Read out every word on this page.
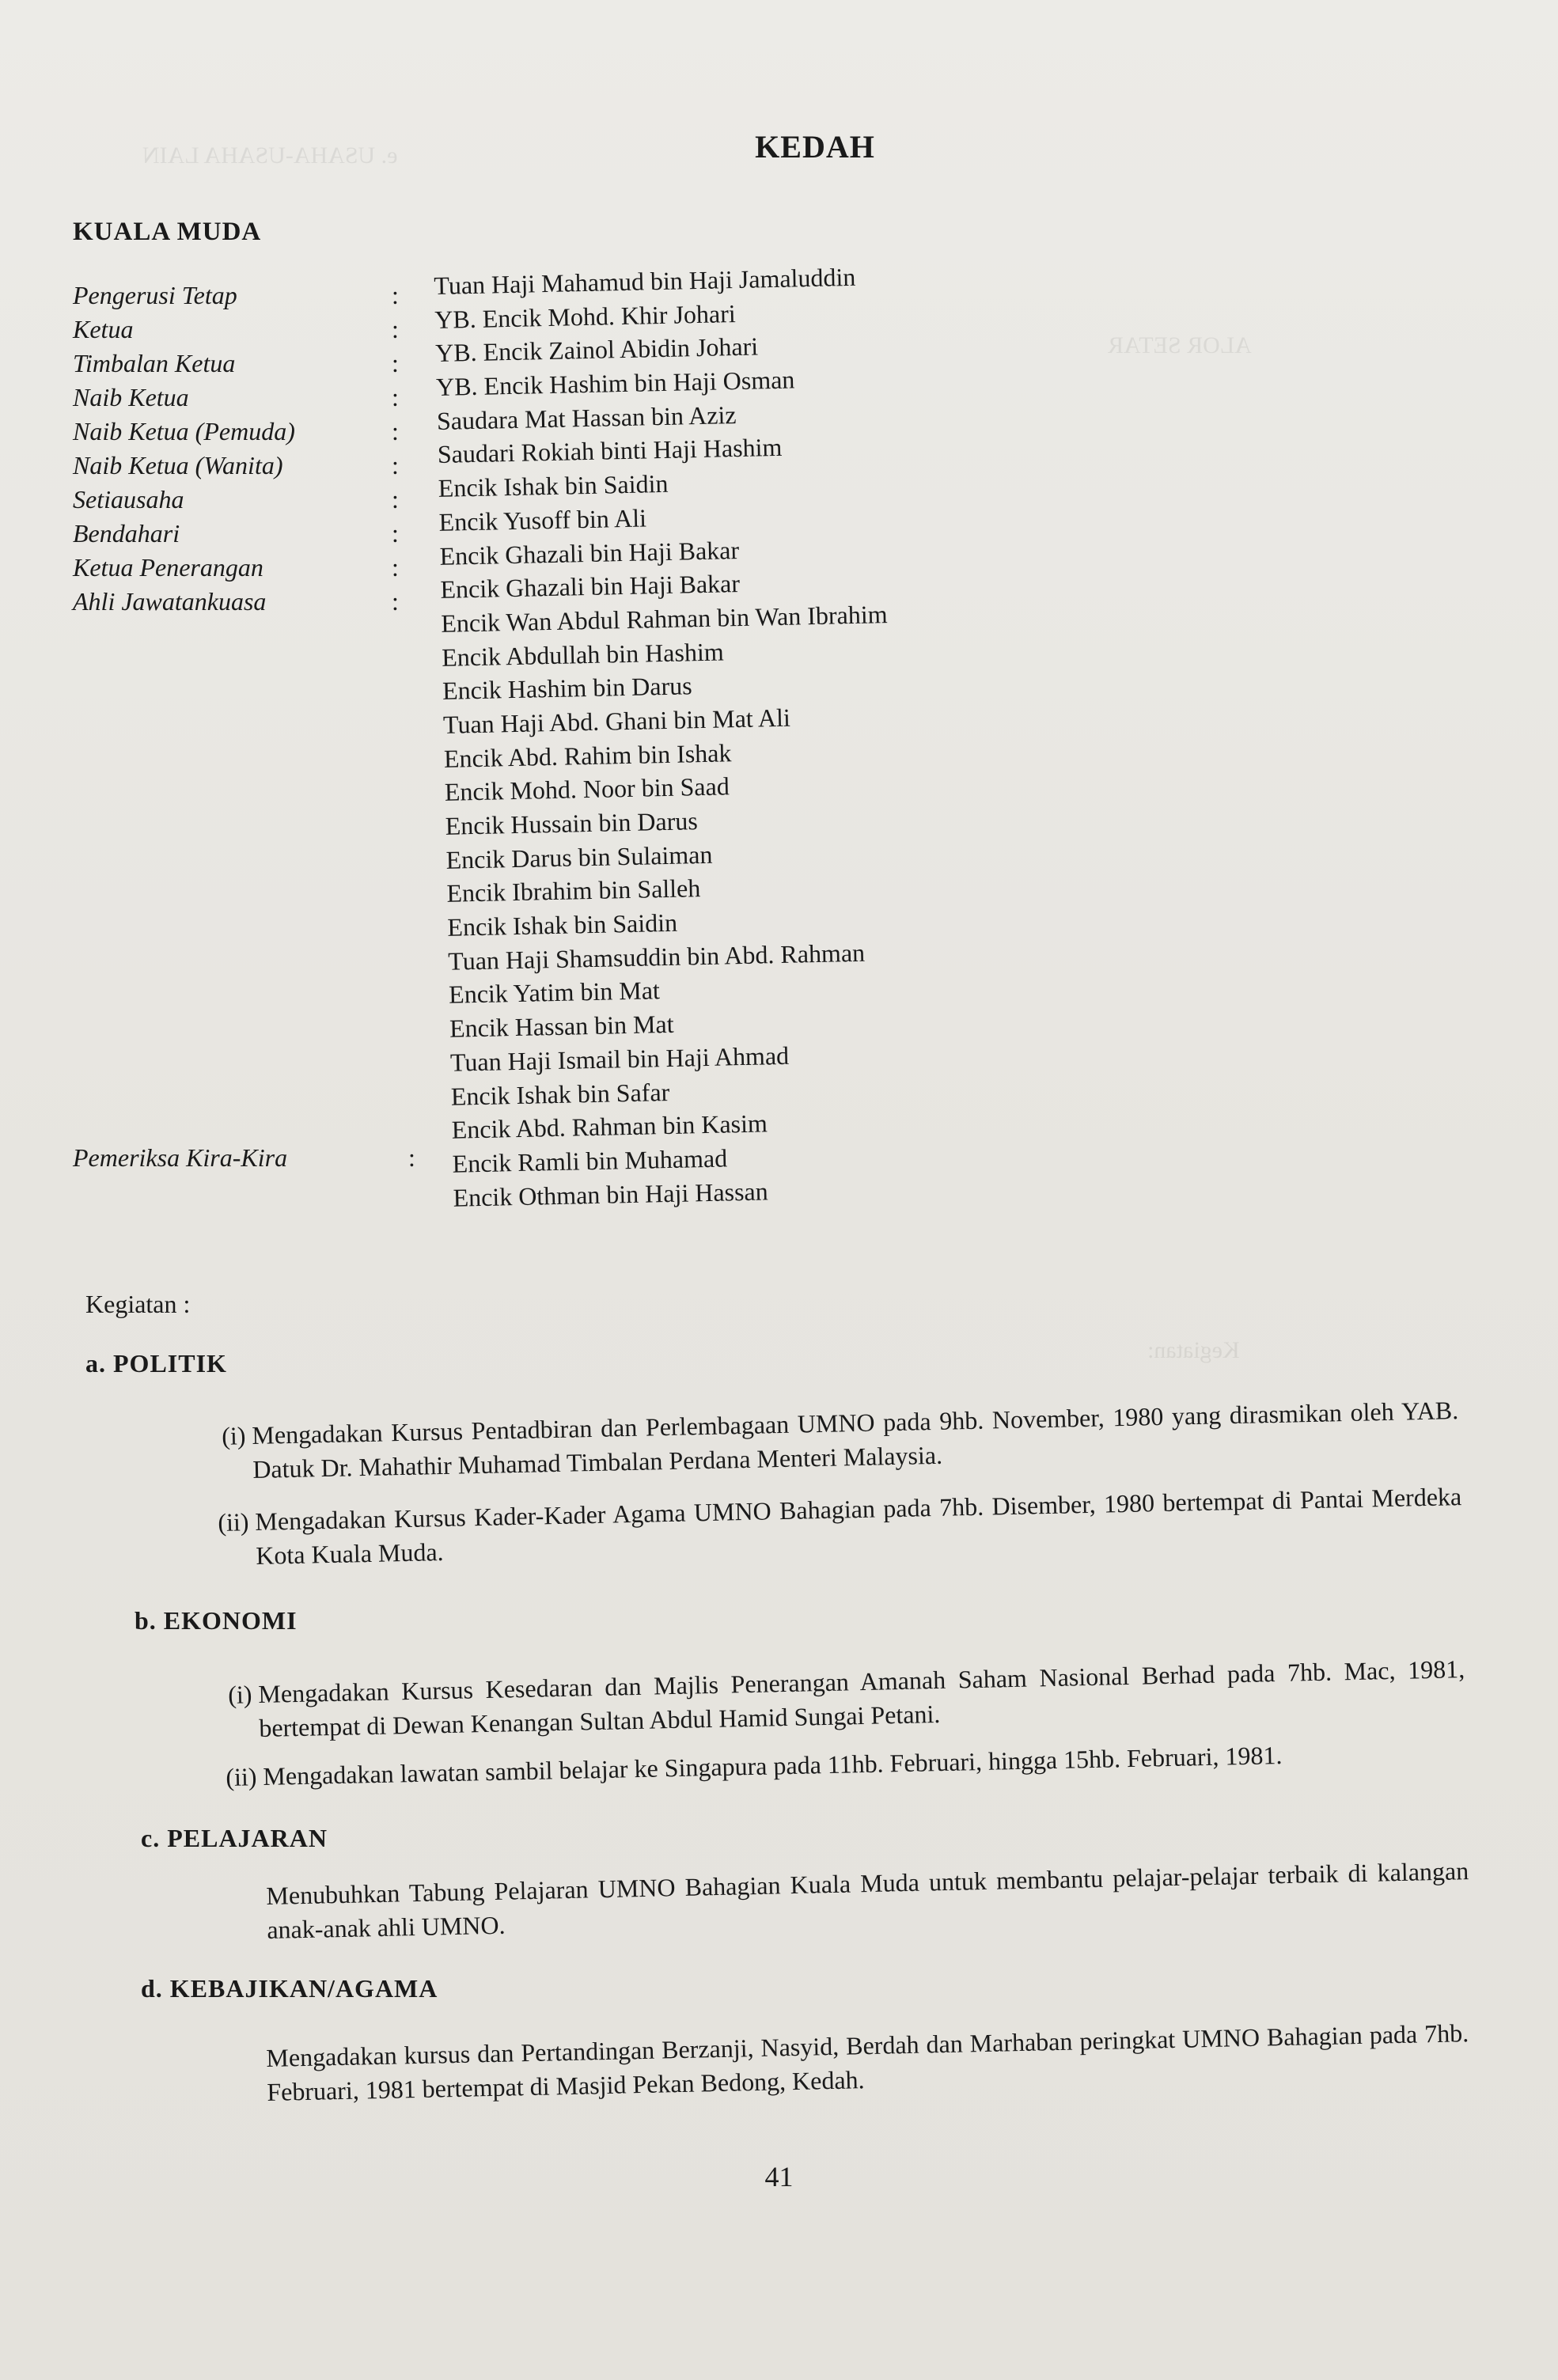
e. USAHA-USAHA LAIN
ALOR SETAR
Kegiatan:
KEDAH
KUALA MUDA
Pengerusi Tetap
Ketua
Timbalan Ketua
Naib Ketua
Naib Ketua (Pemuda)
Naib Ketua (Wanita)
Setiausaha
Bendahari
Ketua Penerangan
Ahli Jawatankuasa
Pemeriksa Kira-Kira
:
:
:
:
:
:
:
:
:
:
:
Tuan Haji Mahamud bin Haji Jamaluddin
YB. Encik Mohd. Khir Johari
YB. Encik Zainol Abidin Johari
YB. Encik Hashim bin Haji Osman
Saudara Mat Hassan bin Aziz
Saudari Rokiah binti Haji Hashim
Encik Ishak bin Saidin
Encik Yusoff bin Ali
Encik Ghazali bin Haji Bakar
Encik Ghazali bin Haji Bakar
Encik Wan Abdul Rahman bin Wan Ibrahim
Encik Abdullah bin Hashim
Encik Hashim bin Darus
Tuan Haji Abd. Ghani bin Mat Ali
Encik Abd. Rahim bin Ishak
Encik Mohd. Noor bin Saad
Encik Hussain bin Darus
Encik Darus bin Sulaiman
Encik Ibrahim bin Salleh
Encik Ishak bin Saidin
Tuan Haji Shamsuddin bin Abd. Rahman
Encik Yatim bin Mat
Encik Hassan bin Mat
Tuan Haji Ismail bin Haji Ahmad
Encik Ishak bin Safar
Encik Abd. Rahman bin Kasim
Encik Ramli bin Muhamad
Encik Othman bin Haji Hassan
Kegiatan :
a. POLITIK
(i) Mengadakan Kursus Pentadbiran dan Perlembagaan UMNO pada 9hb. November, 1980 yang dirasmikan oleh YAB. Datuk Dr. Mahathir Muhamad Timbalan Perdana Menteri Malaysia.
(ii) Mengadakan Kursus Kader-Kader Agama UMNO Bahagian pada 7hb. Disember, 1980 bertempat di Pantai Merdeka Kota Kuala Muda.
b. EKONOMI
(i) Mengadakan Kursus Kesedaran dan Majlis Penerangan Amanah Saham Nasional Berhad pada 7hb. Mac, 1981, bertempat di Dewan Kenangan Sultan Abdul Hamid Sungai Petani.
(ii) Mengadakan lawatan sambil belajar ke Singapura pada 11hb. Februari, hingga 15hb. Februari, 1981.
c. PELAJARAN
Menubuhkan Tabung Pelajaran UMNO Bahagian Kuala Muda untuk membantu pelajar-pelajar terbaik di kalangan anak-anak ahli UMNO.
d. KEBAJIKAN/AGAMA
Mengadakan kursus dan Pertandingan Berzanji, Nasyid, Berdah dan Marhaban peringkat UMNO Bahagian pada 7hb. Februari, 1981 bertempat di Masjid Pekan Bedong, Kedah.
41
